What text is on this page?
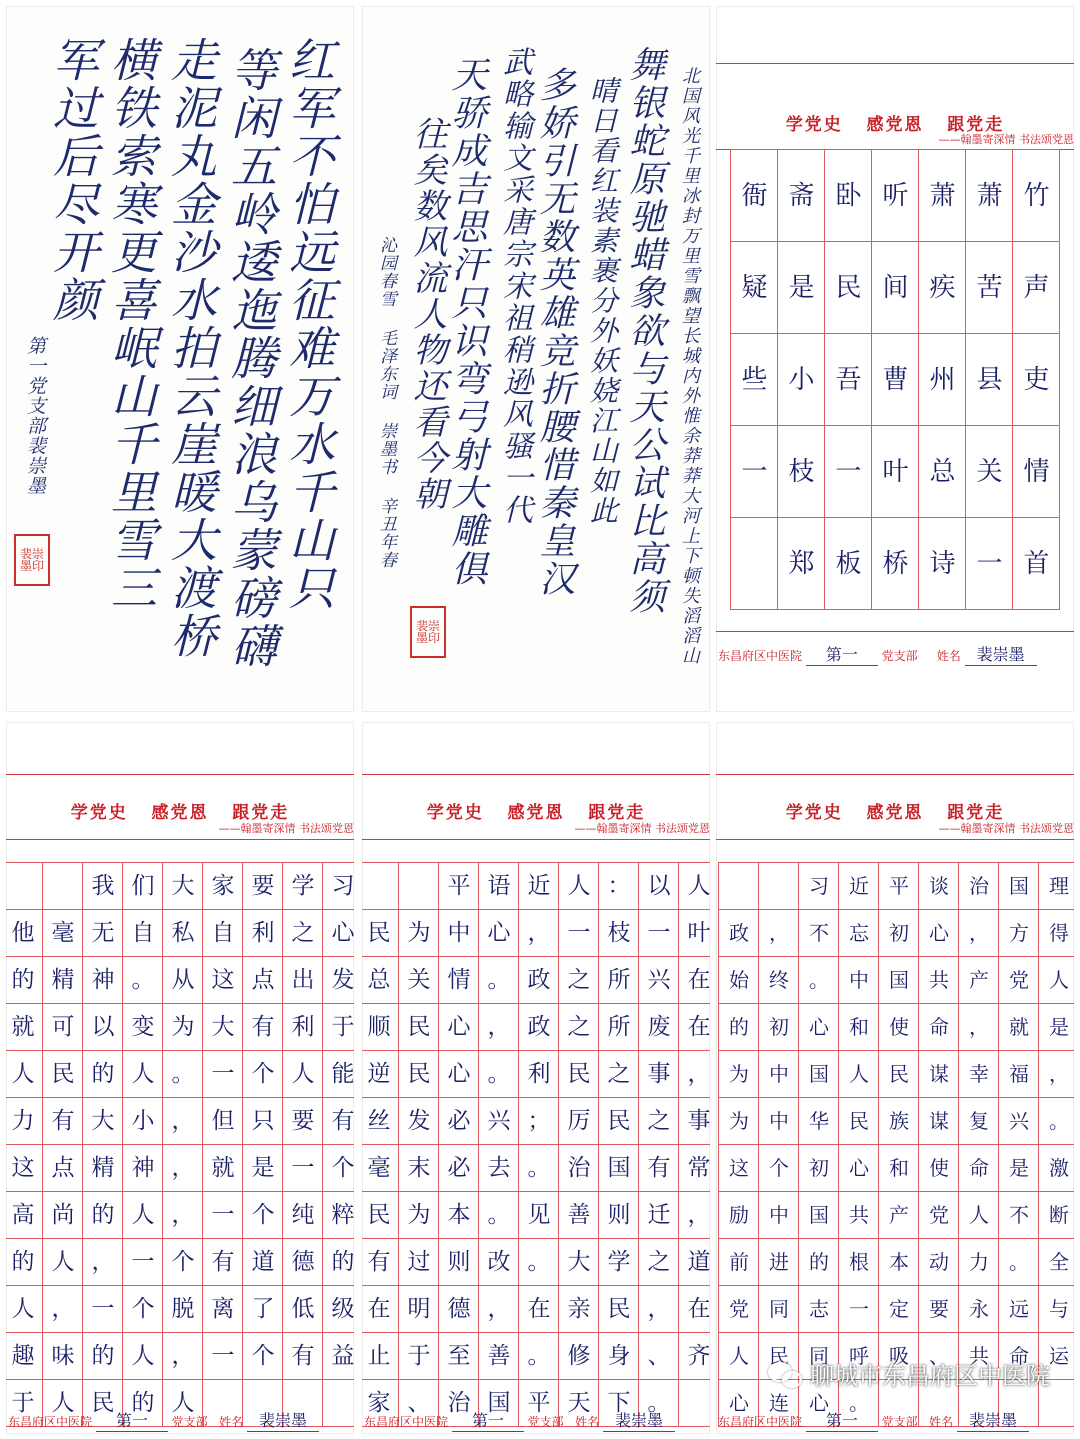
红军不怕远征难万水千山只
等闲五岭逶迤腾细浪乌蒙磅礴
走泥丸金沙水拍云崖暖大渡桥
横铁索寒更喜岷山千里雪三
军过后尽开颜
第一党支部裴崇墨
裴崇墨印	北国风光千里冰封万里雪飘望长城内外惟余莽莽大河上下顿失滔滔山
舞银蛇原驰蜡象欲与天公试比高须
晴日看红装素裹分外妖娆江山如此
多娇引无数英雄竞折腰惜秦皇汉
武略输文采唐宗宋祖稍逊风骚一代
天骄成吉思汗只识弯弓射大雕俱
往矣数风流人物还看今朝
沁园春雪 毛泽东词 崇墨书 辛丑年春
裴崇墨印
学党史   感党恩   跟党走
——翰墨寄深情 书法颂党恩
衙 斋 卧 听 萧 萧 竹
疑 是 民 间 疾 苦 声
些 小 吾 曹 州 县 吏
一 枝 一 叶 总 关 情
郑 板 桥 诗 一 首
东昌府区中医院 第一 党支部 姓名 裴崇墨
学党史   感党恩   跟党走
——翰墨寄深情 书法颂党恩
我 们 大 家 要 学 习
他 毫 无 自 私 自 利 之 心
的 精 神 。 从 这 点 出 发
就 可 以 变 为 大 有 利 于
人 民 的 人 。 一 个 人 能
力 有 大 小 ， 但 只 要 有
这 点 精 神 ， 就 是 一 个
高 尚 的 人 ， 一 个 纯 粹
的 人 ， 一 个 有 道 德 的
人 ， 一 个 脱 离 了 低 级
趣 味 的 人 ， 一 个 有 益
于 人 民 的 人
东昌府区中医院 第一 党支部 姓名 裴崇墨
学党史   感党恩   跟党走
——翰墨寄深情 书法颂党恩
平 语 近 人 ： 以 人
民 为 中 心 ， 一 枝 一 叶
总 关 情 。 政 之 所 兴 在
顺 民 心 ， 政 之 所 废 在
逆 民 心 。 利 民 之 事 ，
丝 发 必 兴 ； 厉 民 之 事
毫 末 必 去 。 治 国 有 常
民 为 本 。 见 善 则 迁 ，
有 过 则 改 。 大 学 之 道
在 明 德 ， 在 亲 民 ， 在
止 于 至 善 。 修 身 、 齐
家 、 治 国 平 天 下 。
东昌府区中医院 第一 党支部 姓名 裴崇墨
学党史   感党恩   跟党走
——翰墨寄深情 书法颂党恩
习	近	平	谈	治	国	理
政	，	不	忘	初	心	，	方	得
始	终	。	中	国	共	产	党	人
的	初	心	和	使	命	，	就	是
为	中	国	人	民	谋	幸	福	，
为	中	华	民	族	谋	复	兴	。
这	个	初	心	和	使	命	是	激
励	中	国	共	产	党	人	不	断
前	进	的	根	本	动	力	。	全
党	同	志	一	定	要	永	远	与
人	民	同	呼	吸	、	共	命	运
心	连	心	。
东昌府区中医院 第一 党支部 姓名 裴崇墨
聊城市东昌府区中医院
